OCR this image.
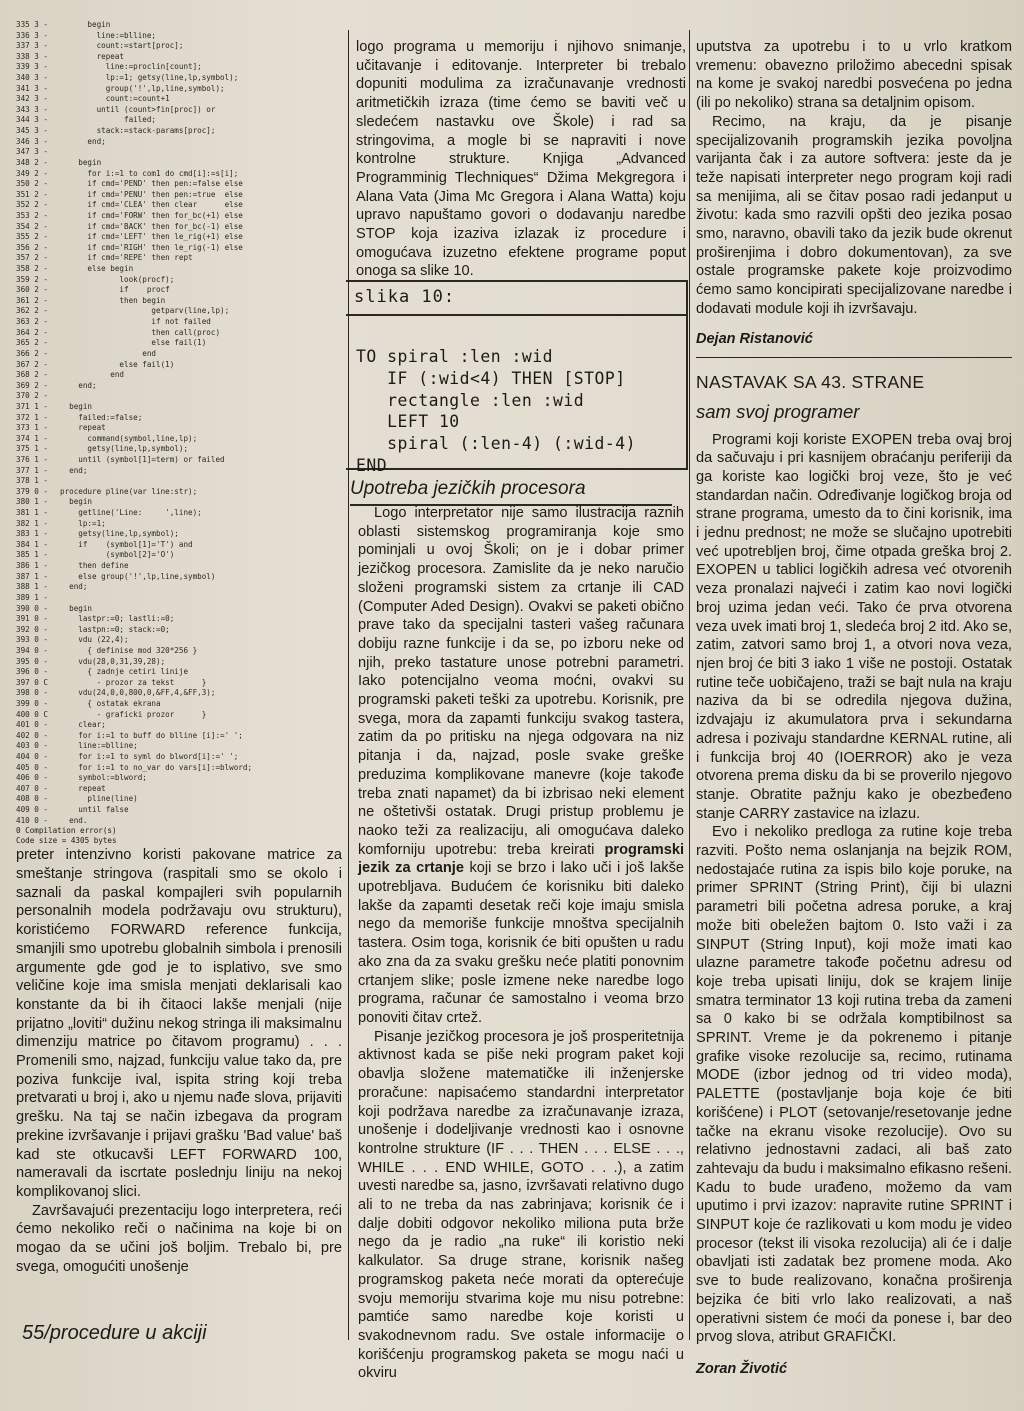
335 3 -      begin
336 3 -        line:=blline;
337 3 -        count:=start[proc];
338 3 -        repeat
339 3 -          line:=proclin[count];
340 3 -          lp:=1; getsy(line,lp,symbol);
341 3 -          group('!',lp,line,symbol);
342 3 -          count:=count+1
343 3 -        until (count>fin[proc]) or
344 3 -              failed;
345 3 -        stack:=stack-params[proc];
346 3 -      end;
347 3 -
348 2 -    begin
349 2 -      for i:=1 to com1 do cmd[i]:=s[i];
350 2 -      if cmd='PEND' then pen:=false else
351 2 -      if cmd='PENU' then pen:=true  else
352 2 -      if cmd='CLEA' then clear      else
353 2 -      if cmd='FORW' then for_bc(+1) else
354 2 -      if cmd='BACK' then for_bc(-1) else
355 2 -      if cmd='LEFT' then le_rig(+1) else
356 2 -      if cmd='RIGH' then le_rig(-1) else
357 2 -      if cmd='REPE' then rept
358 2 -      else begin
359 2 -             look(procf);
360 2 -             if    procf
361 2 -             then begin
362 2 -                    getparv(line,lp);
363 2 -                    if not failed
364 2 -                    then call(proc)
365 2 -                    else fail(1)
366 2 -                  end
367 2 -             else fail(1)
368 2 -           end
369 2 -    end;
370 2 -
371 1 -  begin
372 1 -    failed:=false;
373 1 -    repeat
374 1 -      command(symbol,line,lp);
375 1 -      getsy(line,lp,symbol);
376 1 -    until (symbol[1]=term) or failed
377 1 -  end;
378 1 -
379 0 - procedure pline(var line:str);
380 1 -  begin
381 1 -    getline('Line:     ',line);
382 1 -    lp:=1;
383 1 -    getsy(line,lp,symbol);
384 1 -    if    (symbol[1]='T') and
385 1 -          (symbol[2]='O')
386 1 -    then define
387 1 -    else group('!',lp,line,symbol)
388 1 -  end;
389 1 -
390 0 -  begin
391 0 -    lastpr:=0; lastli:=0;
392 0 -    lastpn:=0; stack:=0;
393 0 -    vdu (22,4);
394 0 -      { definise mod 320*256 }
395 0 -    vdu(28,0,31,39,28);
396 0 -      { zadnje cetiri linije
397 0 C        - prozor za tekst      }
398 0 -    vdu(24,0,0,800,0,&FF,4,&FF,3);
399 0 -      { ostatak ekrana
400 0 C        - graficki prozor      }
401 0 -    clear;
402 0 -    for i:=1 to buff do blline [i]:=' ';
403 0 -    line:=blline;
404 0 -    for i:=1 to syml do blword[i]:=' ';
405 0 -    for i:=1 to no_var do vars[i]:=blword;
406 0 -    symbol:=blword;
407 0 -    repeat
408 0 -      pline(line)
409 0 -    until false
410 0 -  end.
0 Compilation error(s)
Code size = 4305 bytes

preter intenzivno koristi pakovane matrice za smeštanje stringova (raspitali smo se okolo i saznali da paskal kompajleri svih popularnih personalnih modela podržavaju ovu strukturu), koristićemo FORWARD reference funkcija, smanjili smo upotrebu globalnih simbola i prenosili argumente gde god je to isplativo, sve smo veličine koje ima smisla menjati deklarisali kao konstante da bi ih čitaoci lakše menjali (nije prijatno „loviti“ dužinu nekog stringa ili maksimalnu dimenziju matrice po čitavom programu) . . . Promenili smo, najzad, funkciju value tako da, pre poziva funkcije ival, ispita string koji treba pretvarati u broj i, ako u njemu nađe slova, prijaviti grešku. Na taj se način izbegava da program prekine izvršavanje i prijavi grašku 'Bad value' baš kad ste otkucavši LEFT FORWARD 100, nameravali da iscrtate poslednju liniju na nekoj komplikovanoj slici.

Završavajući prezentaciju logo interpretera, reći ćemo nekoliko reči o načinima na koje bi on mogao da se učini još boljim. Trebalo bi, pre svega, omogućiti unošenje

55/procedure u akciji
logo programa u memoriju i njihovo snimanje, učitavanje i editovanje. Interpreter bi trebalo dopuniti modulima za izračunavanje vrednosti aritmetičkih izraza (time ćemo se baviti več u sledećem nastavku ove Škole) i rad sa stringovima, a mogle bi se napraviti i nove kontrolne strukture. Knjiga „Advanced Programminig Tlechniques“ Džima Mekgregora i Alana Vata (Jima Mc Gregora i Alana Watta) koju upravo napuštamo govori o dodavanju naredbe STOP koja izaziva izlazak iz procedure i omogućava izuzetno efektene programe poput onoga sa slike 10.
slika 10:
TO spiral :len :wid
IF (:wid<4) THEN [STOP]
rectangle :len :wid
LEFT 10
spiral (:len-4) (:wid-4)
END
Upotreba jezičkih procesora

Logo interpretator nije samo ilustracija raznih oblasti sistemskog programiranja koje smo pominjali u ovoj Školi; on je i dobar primer jezičkog procesora. Zamislite da je neko naručio složeni programski sistem za crtanje ili CAD (Computer Aded Design). Ovakvi se paketi obično prave tako da specijalni tasteri vašeg računara dobiju razne funkcije i da se, po izboru neke od njih, preko tastature unose potrebni parametri. Iako potencijalno veoma moćni, ovakvi su programski paketi teški za upotrebu. Korisnik, pre svega, mora da zapamti funkciju svakog tastera, zatim da po pritisku na njega odgovara na niz pitanja i da, najzad, posle svake greške preduzima komplikovane manevre (koje takođe treba znati napamet) da bi izbrisao neki element ne oštetivši ostatak. Drugi pristup problemu je naoko teži za realizaciju, ali omogućava daleko komforniju upotrebu: treba kreirati programski jezik za crtanje koji se brzo i lako uči i još lakše upotrebljava. Budućem će korisniku biti daleko lakše da zapamti desetak reči koje imaju smisla nego da memoriše funkcije mnoštva specijalnih tastera. Osim toga, korisnik će biti opušten u radu ako zna da za svaku grešku neće platiti ponovnim crtanjem slike; posle izmene neke naredbe logo programa, računar će samostalno i veoma brzo ponoviti čitav crtež.

Pisanje jezičkog procesora je još prosperitetnija aktivnost kada se piše neki program paket koji obavlja složene matematičke ili inženjerske proračune: napisaćemo standardni interpretator koji podržava naredbe za izračunavanje izraza, unošenje i dodeljivanje vrednosti kao i osnovne kontrolne strukture (IF . . . THEN . . . ELSE . . ., WHILE . . . END WHILE, GOTO . . .), a zatim uvesti naredbe sa, jasno, izvršavati relativno dugo ali to ne treba da nas zabrinjava; korisnik će i dalje dobiti odgovor nekoliko miliona puta brže nego da je radio „na ruke“ ili koristio neki kalkulator. Sa druge strane, korisnik našeg programskog paketa neće morati da opterećuje svoju memoriju stvarima koje mu nisu potrebne: pamtiće samo naredbe koje koristi u svakodnevnom radu. Sve ostale informacije o korišćenju programskog paketa se mogu naći u okviru

uputstva za upotrebu i to u vrlo kratkom vremenu: obavezno priložimo abecedni spisak na kome je svakoj naredbi posvećena po jedna (ili po nekoliko) strana sa detaljnim opisom.

Recimo, na kraju, da je pisanje specijalizovanih programskih jezika povoljna varijanta čak i za autore softvera: jeste da je teže napisati interpreter nego program koji radi sa menijima, ali se čitav posao radi jedanput u životu: kada smo razvili opšti deo jezika posao smo, naravno, obavili tako da jezik bude okrenut proširenjima i dobro dokumentovan), za sve ostale programske pakete koje proizvodimo ćemo samo koncipirati specijalizovane naredbe i dodavati module koji ih izvršavaju.

Dejan Ristanović
NASTAVAK SA 43. STRANE
sam svoj programer

Programi koji koriste EXOPEN treba ovaj broj da sačuvaju i pri kasnijem obraćanju periferiji da ga koriste kao logički broj veze, što je već standardan način. Određivanje logičkog broja od strane programa, umesto da to čini korisnik, ima i jednu prednost; ne može se slučajno upotrebiti već upotrebljen broj, čime otpada greška broj 2. EXOPEN u tablici logičkih adresa već otvorenih veza pronalazi najveći i zatim kao novi logički broj uzima jedan veći. Tako će prva otvorena veza uvek imati broj 1, sledeća broj 2 itd. Ako se, zatim, zatvori samo broj 1, a otvori nova veza, njen broj će biti 3 iako 1 više ne postoji. Ostatak rutine teče uobičajeno, traži se bajt nula na kraju naziva da bi se odredila njegova dužina, izdvajaju iz akumulatora prva i sekundarna adresa i pozivaju standardne KERNAL rutine, ali i funkcija broj 40 (IOERROR) ako je veza otvorena prema disku da bi se proverilo njegovo stanje. Obratite pažnju kako je obezbeđeno stanje CARRY zastavice na izlazu.

Evo i nekoliko predloga za rutine koje treba razviti. Pošto nema oslanjanja na bejzik ROM, nedostajaće rutina za ispis bilo koje poruke, na primer SPRINT (String Print), čiji bi ulazni parametri bili početna adresa poruke, a kraj može biti obeležen bajtom 0. Isto važi i za SINPUT (String Input), koji može imati kao ulazne parametre takođe početnu adresu od koje treba upisati liniju, dok se krajem linije smatra terminator 13 koji rutina treba da zameni sa 0 kako bi se održala komptibilnost sa SPRINT. Vreme je da pokrenemo i pitanje grafike visoke rezolucije sa, recimo, rutinama MODE (izbor jednog od tri video moda), PALETTE (postavljanje boja koje će biti korišćene) i PLOT (setovanje/resetovanje jedne tačke na ekranu visoke rezolucije). Ovo su relativno jednostavni zadaci, ali baš zato zahtevaju da budu i maksimalno efikasno rešeni. Kadu to bude urađeno, možemo da vam uputimo i prvi izazov: napravite rutine SPRINT i SINPUT koje će razlikovati u kom modu je video procesor (tekst ili visoka rezolucija) ali će i dalje obavljati isti zadatak bez promene moda. Ako sve to bude realizovano, konačna proširenja bejzika će biti vrlo lako realizovati, a naš operativni sistem će moći da ponese i, bar deo prvog slova, atribut GRAFIČKI.

Zoran Životić
